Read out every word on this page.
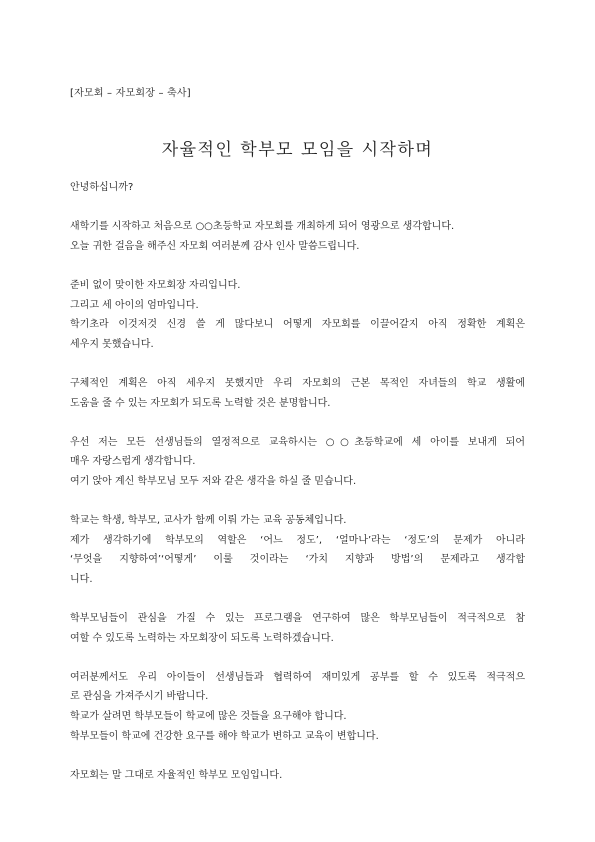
[자모회 – 자모회장 – 축사]
자율적인 학부모 모임을 시작하며

안녕하십니까?

새학기를 시작하고 처음으로 ○○초등학교 자모회를 개최하게 되어 영광으로 생각합니다.
오늘 귀한 걸음을 해주신 자모회 여러분께 감사 인사 말씀드립니다.

준비 없이 맞이한 자모회장 자리입니다.
그리고 세 아이의 엄마입니다.
학기초라 이것저것 신경 쓸 게 많다보니 어떻게 자모회를 이끌어갈지 아직 정확한 계획은
세우지 못했습니다.

구체적인 계획은 아직 세우지 못했지만 우리 자모회의 근본 목적인 자녀들의 학교 생활에
도움을 줄 수 있는 자모회가 되도록 노력할 것은 분명합니다.

우선 저는 모든 선생님들의 열정적으로 교육하시는 ○○초등학교에 세 아이를 보내게 되어
매우 자랑스럽게 생각합니다.
여기 앉아 계신 학부모님 모두 저와 같은 생각을 하실 줄 믿습니다.

학교는 학생, 학부모, 교사가 함께 이뤄 가는 교육 공동체입니다.
제가 생각하기에 학부모의 역할은 ‘어느 정도’, ‘얼마나’라는 ‘정도’의 문제가 아니라
‘무엇을 지향하여’‘어떻게’ 이룰 것이라는 ‘가치 지향과 방법’의 문제라고 생각합
니다.

학부모님들이 관심을 가질 수 있는 프로그램을 연구하여 많은 학부모님들이 적극적으로 참
여할 수 있도록 노력하는 자모회장이 되도록 노력하겠습니다.

여러분께서도 우리 아이들이 선생님들과 협력하여 재미있게 공부를 할 수 있도록 적극적으
로 관심을 가져주시기 바랍니다.
학교가 살려면 학부모들이 학교에 많은 것들을 요구해야 합니다.
학부모들이 학교에 건강한 요구를 해야 학교가 변하고 교육이 변합니다.

자모회는 말 그대로 자율적인 학부모 모임입니다.
